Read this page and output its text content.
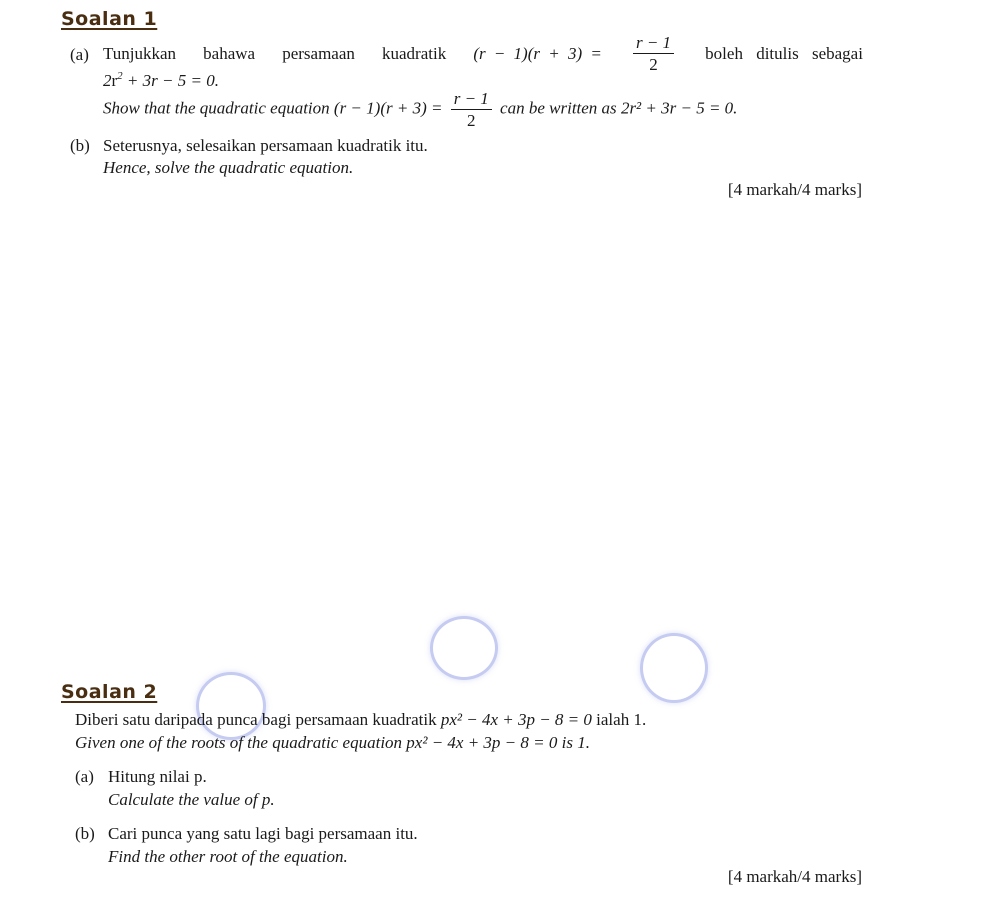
Soalan 1
(a) Tunjukkan bahawa persamaan kuadratik $(r - 1)(r + 3) = \frac{r - 1}{2}$ boleh ditulis sebagai
$2r^2 + 3r - 5 = 0$.
Show that the quadratic equation $(r - 1)(r + 3) = \frac{r - 1}{2}$ can be written as 2r² + 3r − 5 = 0.
(b) Seterusnya, selesaikan persamaan kuadratik itu.
Hence, solve the quadratic equation.
[4 markah/4 marks]
Soalan 2
Diberi satu daripada punca bagi persamaan kuadratik px² − 4x + 3p − 8 = 0 ialah 1.
Given one of the roots of the quadratic equation px² − 4x + 3p − 8 = 0 is 1.
(a) Hitung nilai p.
Calculate the value of p.
(b) Cari punca yang satu lagi bagi persamaan itu.
Find the other root of the equation.
[4 markah/4 marks]
